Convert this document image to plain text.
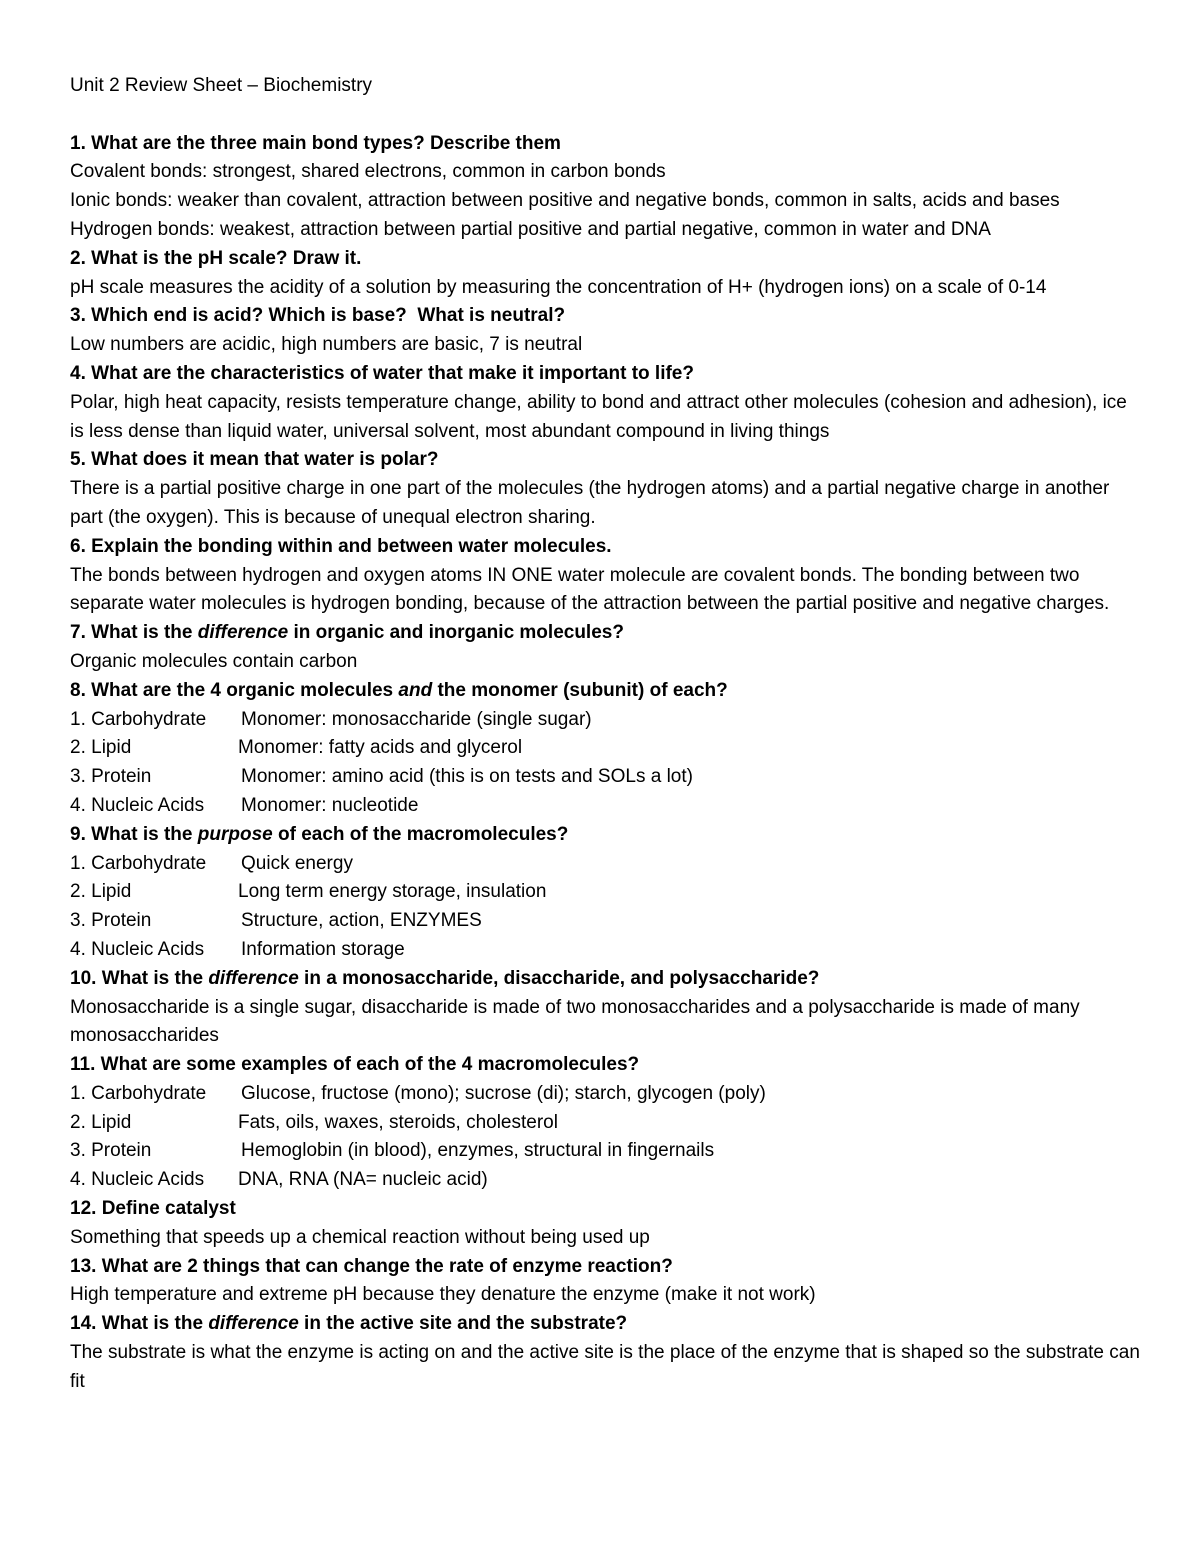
Unit 2 Review Sheet – Biochemistry

1. What are the three main bond types? Describe them

Covalent bonds: strongest, shared electrons, common in carbon bonds

Ionic bonds: weaker than covalent, attraction between positive and negative bonds, common in salts, acids and bases

Hydrogen bonds: weakest, attraction between partial positive and partial negative, common in water and DNA

2. What is the pH scale? Draw it.

pH scale measures the acidity of a solution by measuring the concentration of H+ (hydrogen ions) on a scale of 0-14

3. Which end is acid? Which is base?  What is neutral?

Low numbers are acidic, high numbers are basic, 7 is neutral

4. What are the characteristics of water that make it important to life?

Polar, high heat capacity, resists temperature change, ability to bond and attract other molecules (cohesion and adhesion), ice is less dense than liquid water, universal solvent, most abundant compound in living things

5. What does it mean that water is polar?

There is a partial positive charge in one part of the molecules (the hydrogen atoms) and a partial negative charge in another part (the oxygen). This is because of unequal electron sharing.

6. Explain the bonding within and between water molecules.

The bonds between hydrogen and oxygen atoms IN ONE water molecule are covalent bonds. The bonding between two separate water molecules is hydrogen bonding, because of the attraction between the partial positive and negative charges.

7. What is the difference in organic and inorganic molecules?

Organic molecules contain carbon

8. What are the 4 organic molecules and the monomer (subunit) of each?

1. Carbohydrate	Monomer: monosaccharide (single sugar)
2. Lipid	Monomer: fatty acids and glycerol
3. Protein	Monomer: amino acid (this is on tests and SOLs a lot)
4. Nucleic Acids	Monomer: nucleotide

9. What is the purpose of each of the macromolecules?

1. Carbohydrate	Quick energy
2. Lipid	Long term energy storage, insulation
3. Protein	Structure, action, ENZYMES
4. Nucleic Acids	Information storage

10. What is the difference in a monosaccharide, disaccharide, and polysaccharide?

Monosaccharide is a single sugar, disaccharide is made of two monosaccharides and a polysaccharide is made of many monosaccharides

11. What are some examples of each of the 4 macromolecules?

1. Carbohydrate	Glucose, fructose (mono); sucrose (di); starch, glycogen (poly)
2. Lipid	Fats, oils, waxes, steroids, cholesterol
3. Protein	Hemoglobin (in blood), enzymes, structural in fingernails
4. Nucleic Acids	DNA, RNA (NA= nucleic acid)

12. Define catalyst

Something that speeds up a chemical reaction without being used up

13. What are 2 things that can change the rate of enzyme reaction?

High temperature and extreme pH because they denature the enzyme (make it not work)

14. What is the difference in the active site and the substrate?

The substrate is what the enzyme is acting on and the active site is the place of the enzyme that is shaped so the substrate can fit
